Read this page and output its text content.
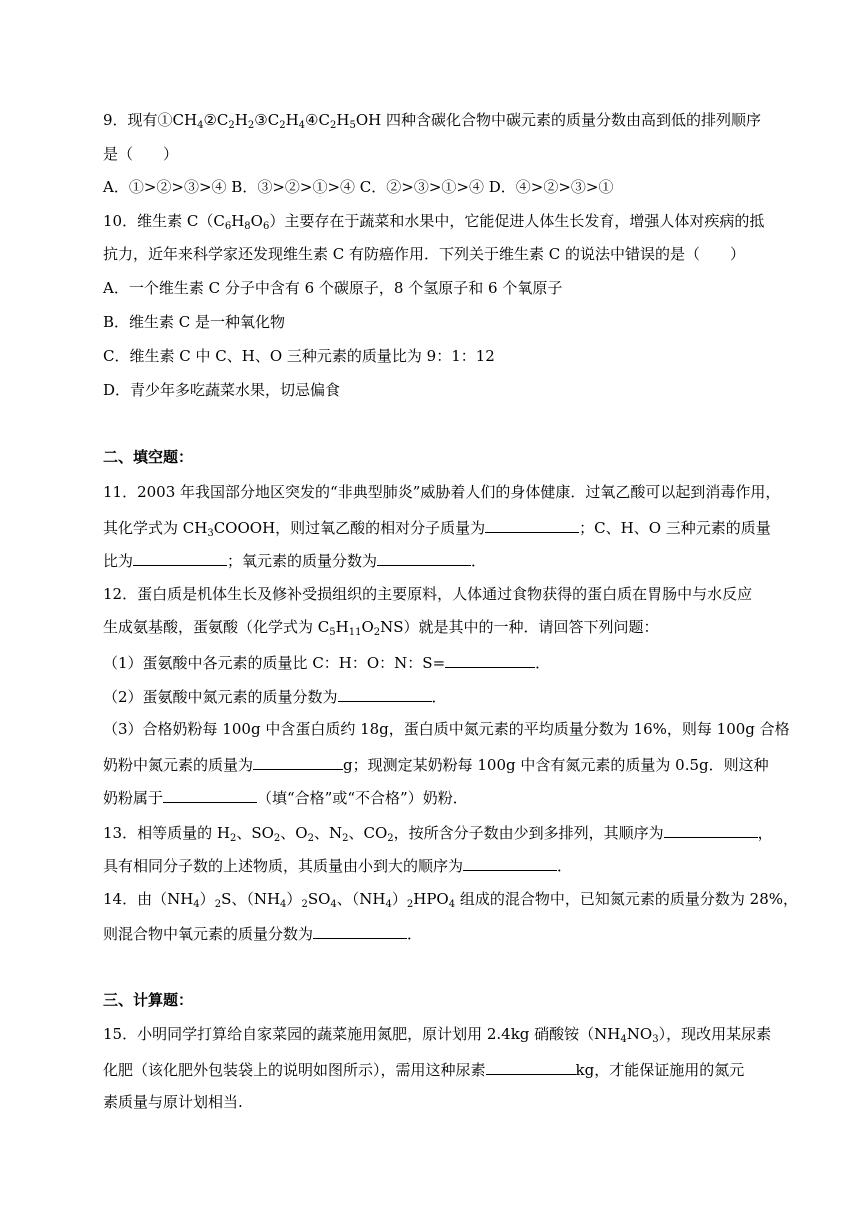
9．现有$①CH_4②C_2H_2③C_2H_4④C_2H_5OH$ 四种含碳化合物中碳元素的质量分数由高到低的排列顺序
是（　　）
A．①>②>③>④ B．③>②>①>④ C．②>③>①>④ D．④>②>③>①
10．维生素 $C(C_6H_8O_6)$主要存在于蔬菜和水果中，它能促进人体生长发育，增强人体对疾病的抵
抗力，近年来科学家还发现维生素 C 有防癌作用．下列关于维生素 C 的说法中错误的是（　　）
A．一个维生素 C 分子中含有 6 个碳原子，8 个氢原子和 6 个氧原子
B．维生素 C 是一种氧化物
C．维生素 C 中 C、H、O 三种元素的质量比为 9：1：12
D．青少年多吃蔬菜水果，切忌偏食
二、填空题：
11．2003 年我国部分地区突发的“非典型肺炎”威胁着人们的身体健康．过氧乙酸可以起到消毒作用，
其化学式为 $CH_3COOOH$，则过氧乙酸的相对分子质量为	；C、H、O 三种元素的质量
比为	；氧元素的质量分数为	．
12．蛋白质是机体生长及修补受损组织的主要原料，人体通过食物获得的蛋白质在胃肠中与水反应
生成氨基酸，蛋氨酸（化学式为 $C_5H_{11}O_2NS$）就是其中的一种．请回答下列问题：
（1）蛋氨酸中各元素的质量比 C：H：O：N：S=	．
（2）蛋氨酸中氮元素的质量分数为	．
（3）合格奶粉每 100g 中含蛋白质约 18g，蛋白质中氮元素的平均质量分数为 16%，则每 100g 合格
奶粉中氮元素的质量为	g；现测定某奶粉每 100g 中含有氮元素的质量为 0.5g．则这种
奶粉属于	（填“合格”或“不合格”）奶粉．
13．相等质量的 $H_2$、$SO_2$、$O_2$、$N_2$、$CO_2$，按所含分子数由少到多排列，其顺序为	，
具有相同分子数的上述物质，其质量由小到大的顺序为	．
14．由$(NH_4)_2S$、$(NH_4)_2SO_4$、$(NH_4)_2HPO_4$ 组成的混合物中，已知氮元素的质量分数为 28%，
则混合物中氧元素的质量分数为	．
三、计算题：
15．小明同学打算给自家菜园的蔬菜施用氮肥，原计划用 2.4kg 硝酸铵$(NH_4NO_3)$，现改用某尿素
化肥（该化肥外包装袋上的说明如图所示），需用这种尿素	kg，才能保证施用的氮元
素质量与原计划相当.
